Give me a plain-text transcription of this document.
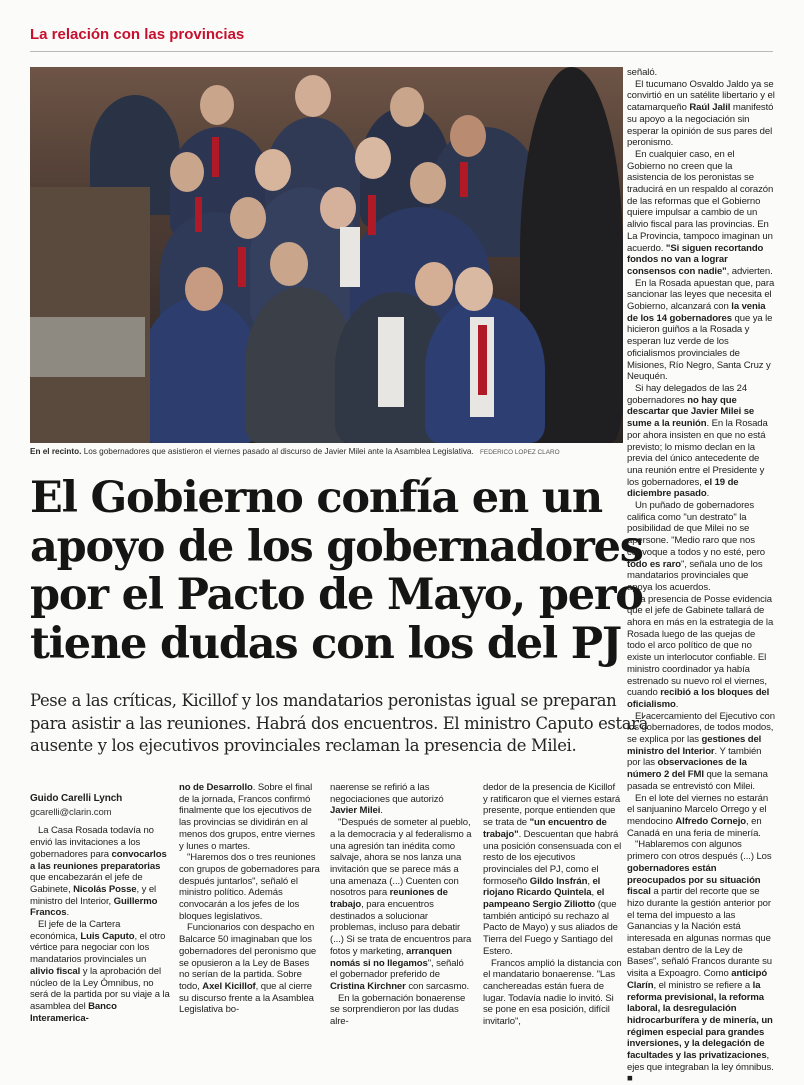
La relación con las provincias
En el recinto. Los gobernadores que asistieron el viernes pasado al discurso de Javier Milei ante la Asamblea Legislativa. FEDERICO LOPEZ CLARO
El Gobierno confía en un
apoyo de los gobernadores
por el Pacto de Mayo, pero
tiene dudas con los del PJ
Pese a las críticas, Kicillof y los mandatarios peronistas igual se preparan
para asistir a las reuniones. Habrá dos encuentros. El ministro Caputo estará
ausente y los ejecutivos provinciales reclaman la presencia de Milei.

Guido Carelli Lynch

gcarelli@clarin.com

La Casa Rosada todavía no envió las invitaciones a los gobernadores para convocarlos a las reuniones preparatorias que encabezarán el jefe de Gabinete, Nicolás Posse, y el ministro del Interior, Guillermo Francos.

El jefe de la Cartera económica, Luis Caputo, el otro vértice para negociar con los mandatarios provinciales un alivio fiscal y la aprobación del núcleo de la Ley Ómnibus, no será de la partida por su viaje a la asamblea del Banco Interamerica-

no de Desarrollo. Sobre el final de la jornada, Francos confirmó finalmente que los ejecutivos de las provincias se dividirán en al menos dos grupos, entre viernes y lunes o martes.

"Haremos dos o tres reuniones con grupos de gobernadores para después juntarlos", señaló el ministro político. Además convocarán a los jefes de los bloques legislativos.

Funcionarios con despacho en Balcarce 50 imaginaban que los gobernadores del peronismo que se opusieron a la Ley de Bases no serían de la partida. Sobre todo, Axel Kicillof, que al cierre su discurso frente a la Asamblea Legislativa bo-

naerense se refirió a las negociaciones que autorizó Javier Milei.

"Después de someter al pueblo, a la democracia y al federalismo a una agresión tan inédita como salvaje, ahora se nos lanza una invitación que se parece más a una amenaza (...) Cuenten con nosotros para reuniones de trabajo, para encuentros destinados a solucionar problemas, incluso para debatir (...) Si se trata de encuentros para fotos y marketing, arranquen nomás si no llegamos", señaló el gobernador preferido de Cristina Kirchner con sarcasmo.

En la gobernación bonaerense se sorprendieron por las dudas alre-

dedor de la presencia de Kicillof y ratificaron que el viernes estará presente, porque entienden que se trata de "un encuentro de trabajo". Descuentan que habrá una posición consensuada con el resto de los ejecutivos provinciales del PJ, como el formoseño Gildo Insfrán, el riojano Ricardo Quintela, el pampeano Sergio Ziliotto (que también anticipó su rechazo al Pacto de Mayo) y sus aliados de Tierra del Fuego y Santiago del Estero.

Francos amplió la distancia con el mandatario bonaerense. "Las canchereadas están fuera de lugar. Todavía nadie lo invitó. Si se pone en esa posición, difícil invitarlo",

señaló.

El tucumano Osvaldo Jaldo ya se convirtió en un satélite libertario y el catamarqueño Raúl Jalil manifestó su apoyo a la negociación sin esperar la opinión de sus pares del peronismo.

En cualquier caso, en el Gobierno no creen que la asistencia de los peronistas se traducirá en un respaldo al corazón de las reformas que el Gobierno quiere impulsar a cambio de un alivio fiscal para las provincias. En La Provincia, tampoco imaginan un acuerdo. "Si siguen recortando fondos no van a lograr consensos con nadie", advierten.

En la Rosada apuestan que, para sancionar las leyes que necesita el Gobierno, alcanzará con la venia de los 14 gobernadores que ya le hicieron guiños a la Rosada y esperan luz verde de los oficialismos provinciales de Misiones, Río Negro, Santa Cruz y Neuquén.

Si hay delegados de las 24 gobernadores no hay que descartar que Javier Milei se sume a la reunión. En la Rosada por ahora insisten en que no está previsto; lo mismo declan en la previa del único antecedente de una reunión entre el Presidente y los gobernadores, el 19 de diciembre pasado.

Un puñado de gobernadores califica como "un destrato" la posibilidad de que Milei no se apersone. "Medio raro que nos convoque a todos y no esté, pero todo es raro", señala uno de los mandatarios provinciales que apoya los acuerdos.

La presencia de Posse evidencia que el jefe de Gabinete tallará de ahora en más en la estrategia de la Rosada luego de las quejas de todo el arco político de que no existe un interlocutor confiable. El ministro coordinador ya había estrenado su nuevo rol el viernes, cuando recibió a los bloques del oficialismo.

El acercamiento del Ejecutivo con los gobernadores, de todos modos, se explica por las gestiones del ministro del Interior. Y también por las observaciones de la número 2 del FMI que la semana pasada se entrevistó con Milei.

En el lote del viernes no estarán el sanjuanino Marcelo Orrego y el mendocino Alfredo Cornejo, en Canadá en una feria de minería.

"Hablaremos con algunos primero con otros después (...) Los gobernadores están preocupados por su situación fiscal a partir del recorte que se hizo durante la gestión anterior por el tema del impuesto a las Ganancias y la Nación está interesada en algunas normas que estaban dentro de la Ley de Bases", señaló Francos durante su visita a Expoagro. Como anticipó Clarín, el ministro se refiere a la reforma previsional, la reforma laboral, la desregulación hidrocarburífera y de minería, un régimen especial para grandes inversiones, y la delegación de facultades y las privatizaciones, ejes que integraban la ley ómnibus. ■
